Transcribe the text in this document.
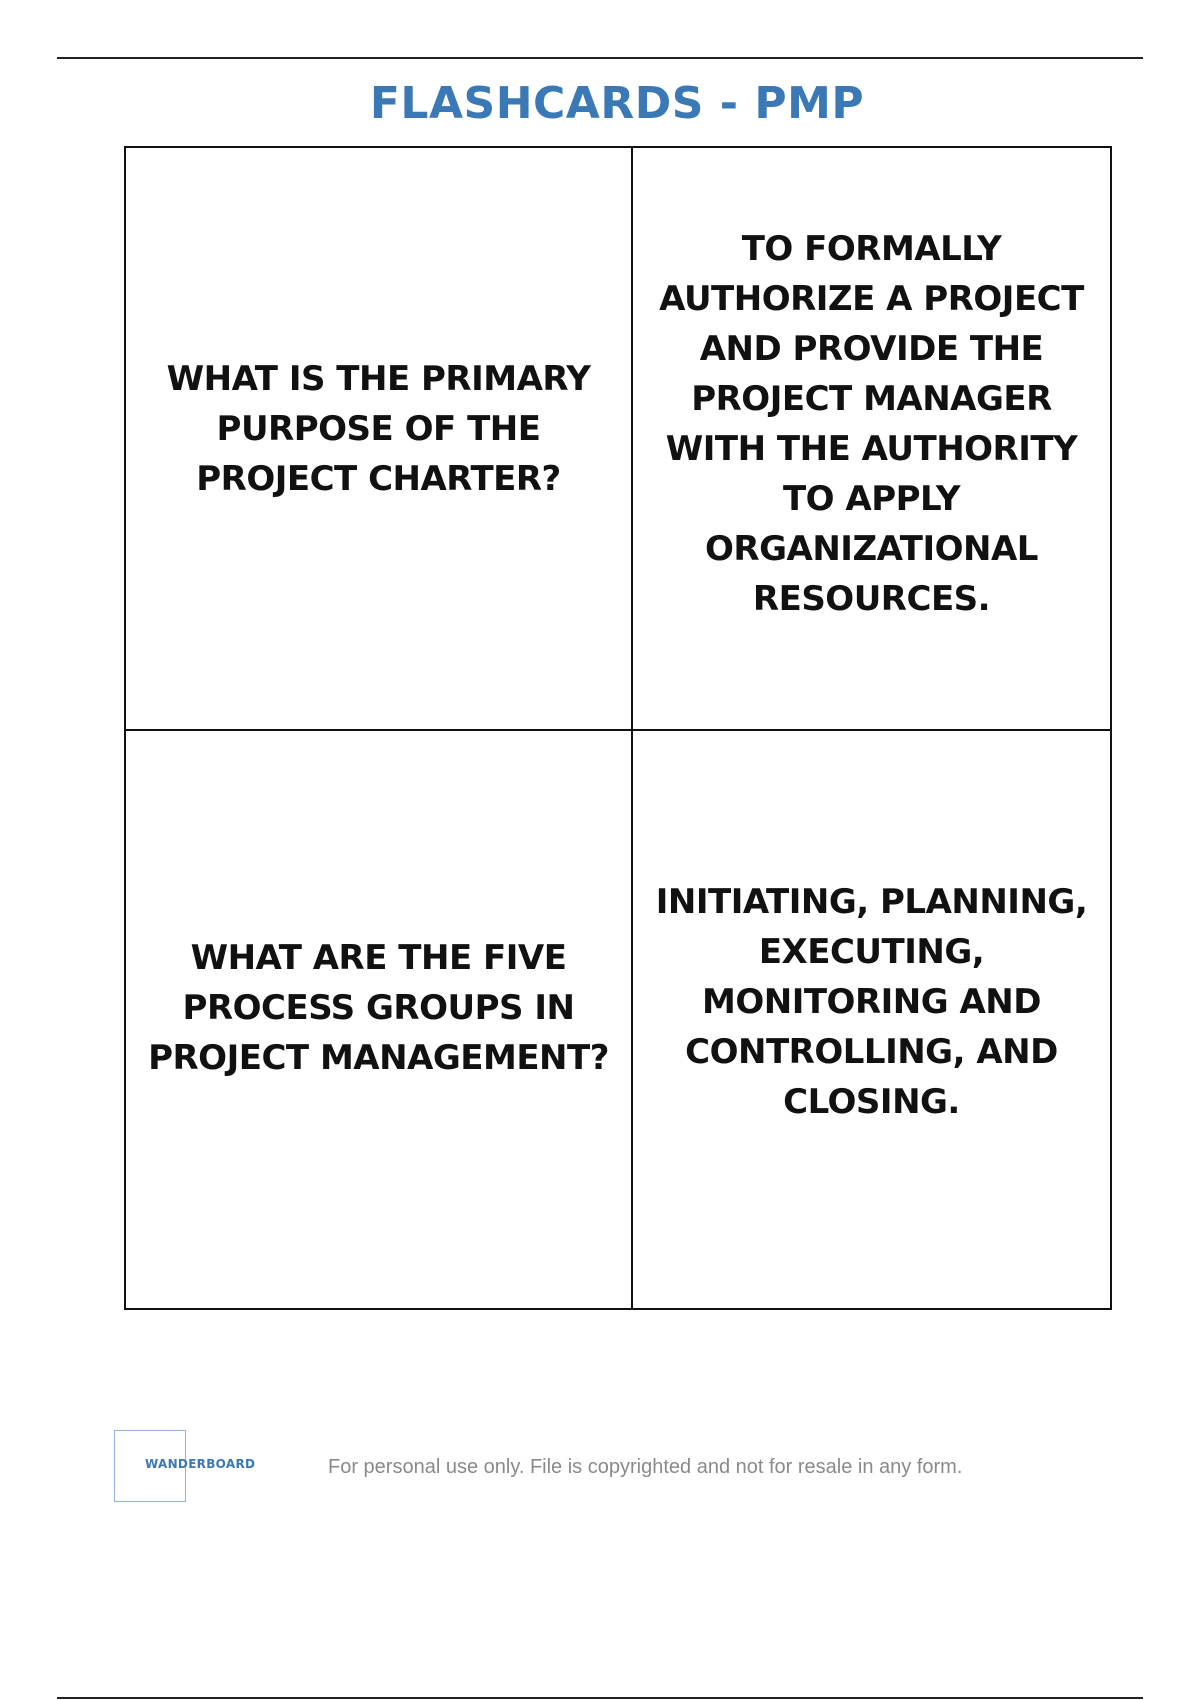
FLASHCARDS - PMP
WHAT IS THE PRIMARY PURPOSE OF THE PROJECT CHARTER?
TO FORMALLY AUTHORIZE A PROJECT AND PROVIDE THE PROJECT MANAGER WITH THE AUTHORITY TO APPLY ORGANIZATIONAL RESOURCES.
WHAT ARE THE FIVE PROCESS GROUPS IN PROJECT MANAGEMENT?
INITIATING, PLANNING, EXECUTING, MONITORING AND CONTROLLING, AND CLOSING.
WANDERBOARD	For personal use only. File is copyrighted and not for resale in any form.
